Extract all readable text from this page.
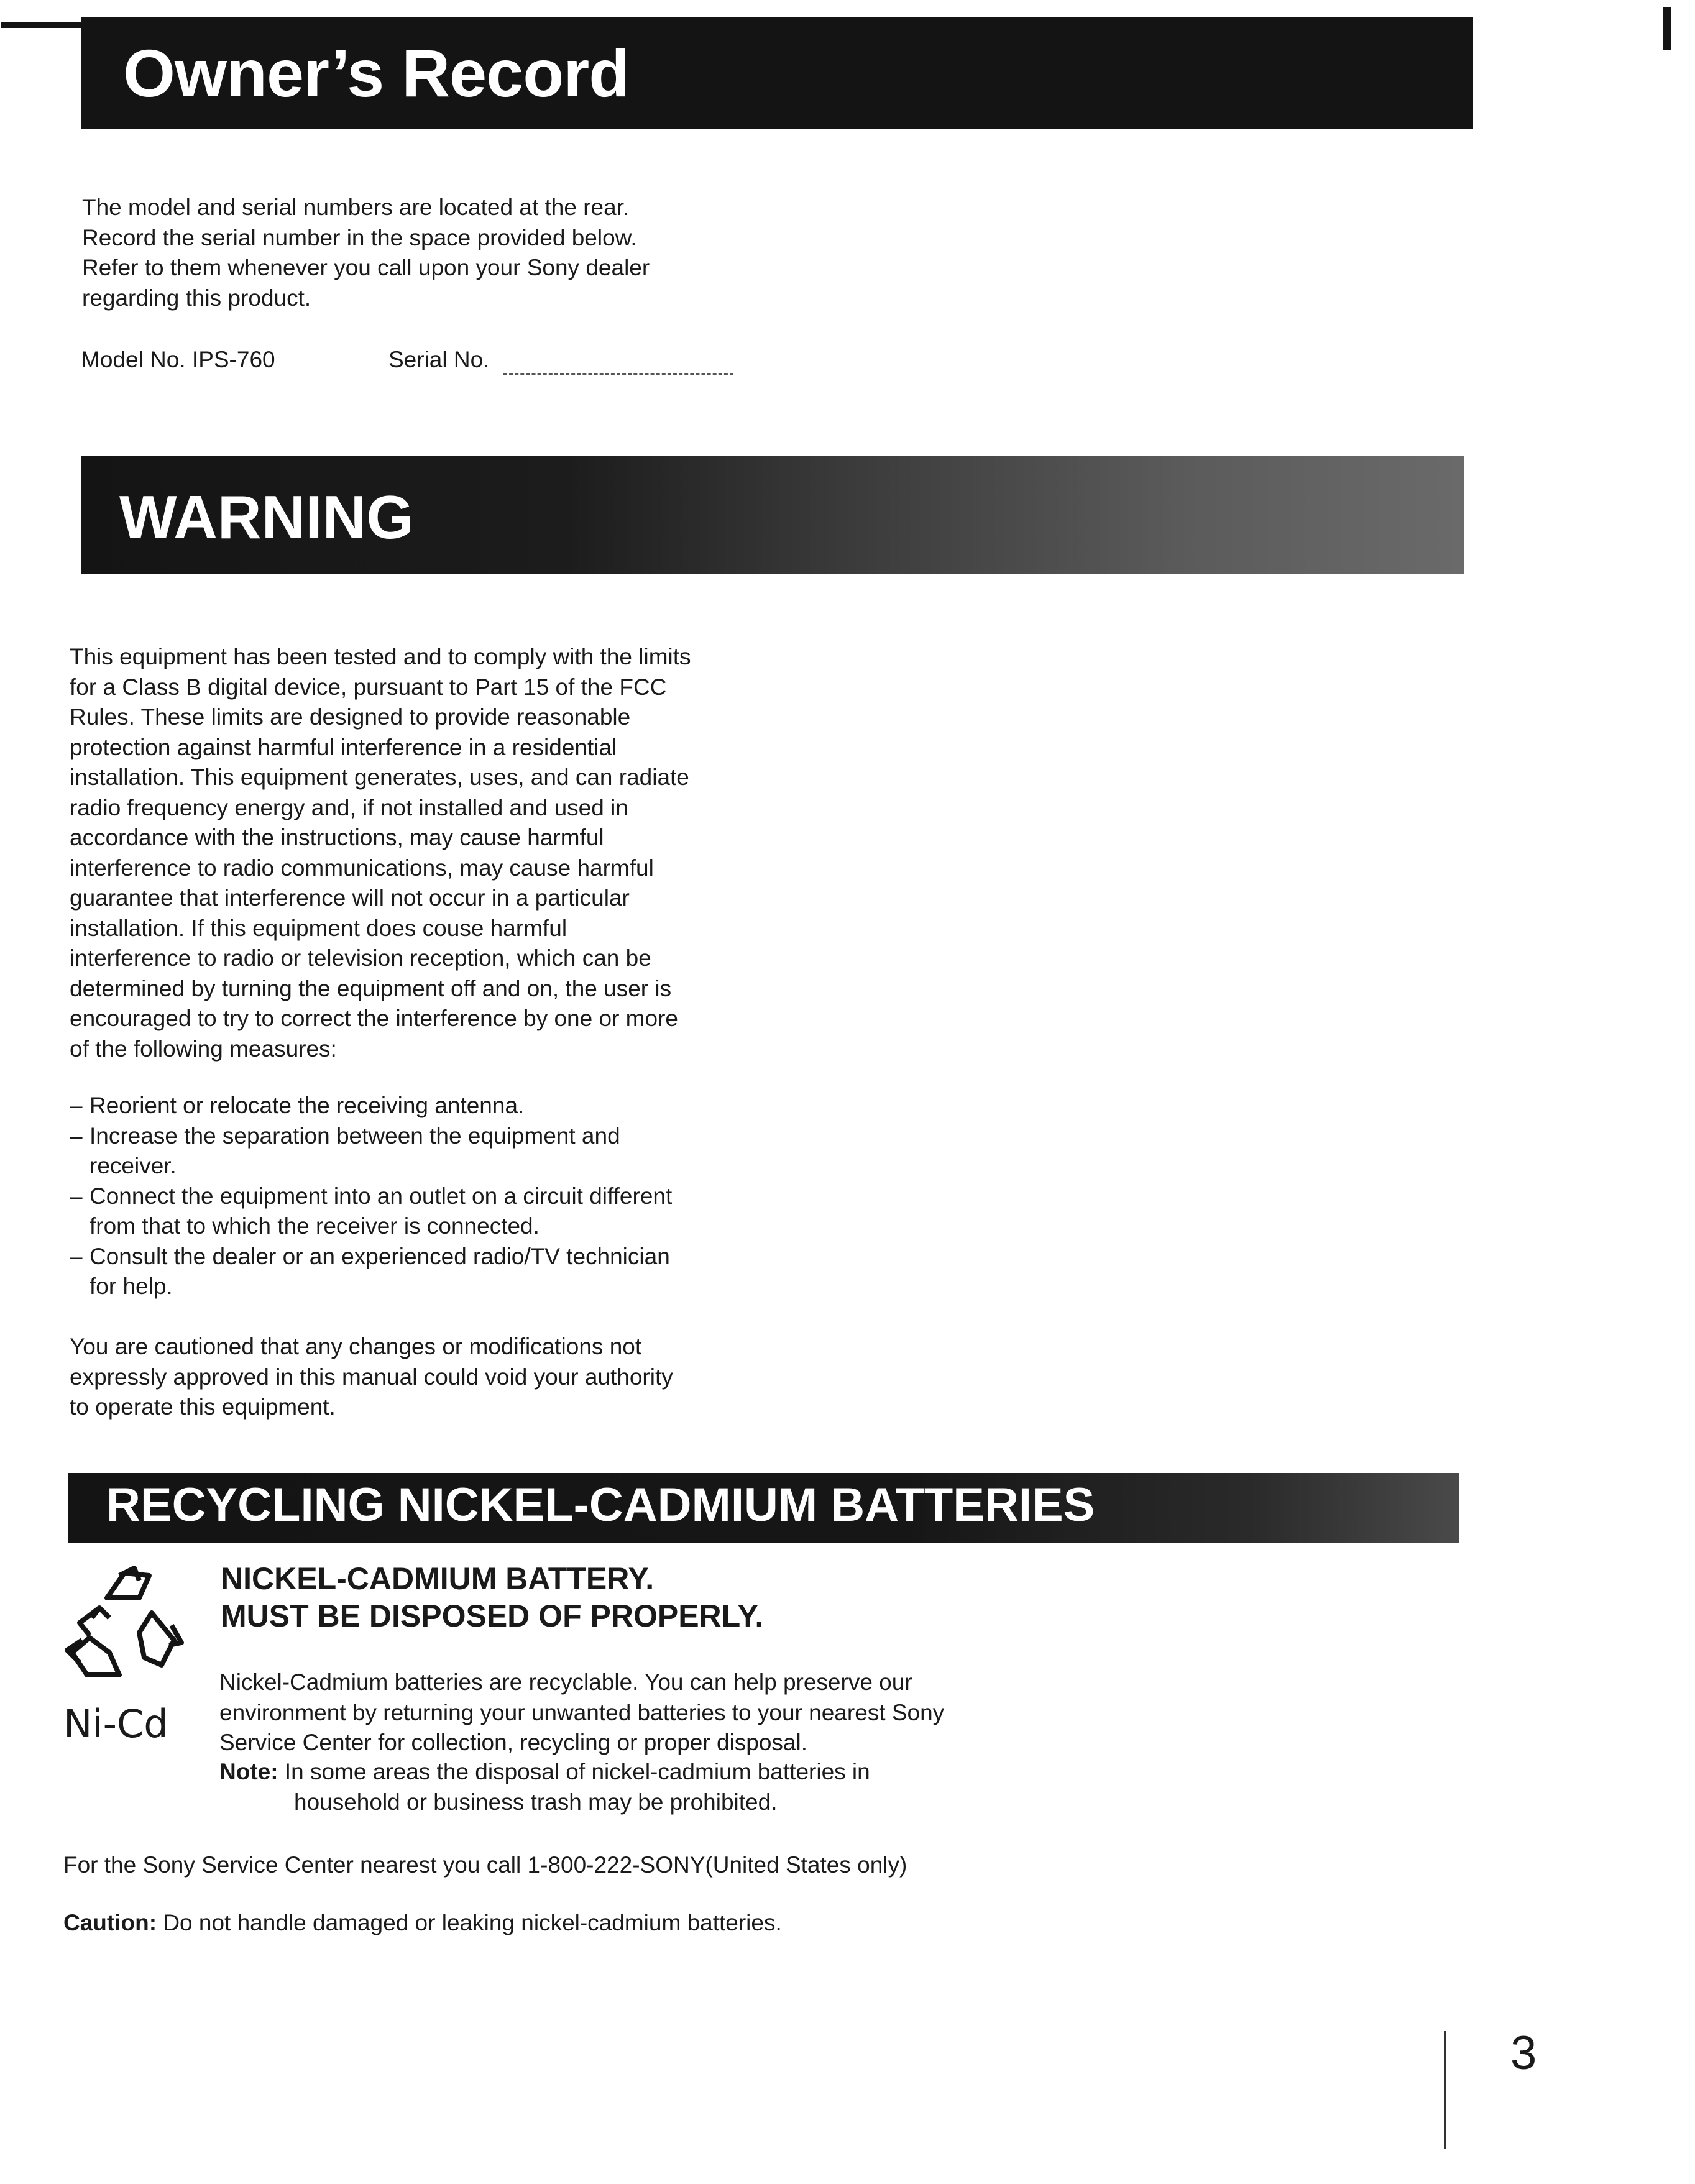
Owner’s Record
The model and serial numbers are located at the rear.
Record the serial number in the space provided below.
Refer to them whenever you call upon your Sony dealer
regarding this product.
Model No. IPS-760	Serial No.
WARNING
This equipment has been tested and to comply with the limits
for a Class B digital device, pursuant to Part 15 of the FCC
Rules. These limits are designed to provide reasonable
protection against harmful interference in a residential
installation. This equipment generates, uses, and can radiate
radio frequency energy and, if not installed and used in
accordance with the instructions, may cause harmful
interference to radio communications, may cause harmful
guarantee that interference will not occur in a particular
installation. If this equipment does couse harmful
interference to radio or television reception, which can be
determined by turning the equipment off and on, the user is
encouraged to try to correct the interference by one or more
of the following measures:
– Reorient or relocate the receiving antenna.
– Increase the separation between the equipment and
receiver.
– Connect the equipment into an outlet on a circuit different
from that to which the receiver is connected.
– Consult the dealer or an experienced radio/TV technician
for help.
You are cautioned that any changes or modifications not
expressly approved in this manual could void your authority
to operate this equipment.
RECYCLING NICKEL-CADMIUM BATTERIES
Ni-Cd
NICKEL-CADMIUM BATTERY.
MUST BE DISPOSED OF PROPERLY.
Nickel-Cadmium batteries are recyclable. You can help preserve our
environment by returning your unwanted batteries to your nearest Sony
Service Center for collection, recycling or proper disposal.
Note: In some areas the disposal of nickel-cadmium batteries in
household or business trash may be prohibited.
For the Sony Service Center nearest you call 1-800-222-SONY(United States only)
Caution: Do not handle damaged or leaking nickel-cadmium batteries.
3
